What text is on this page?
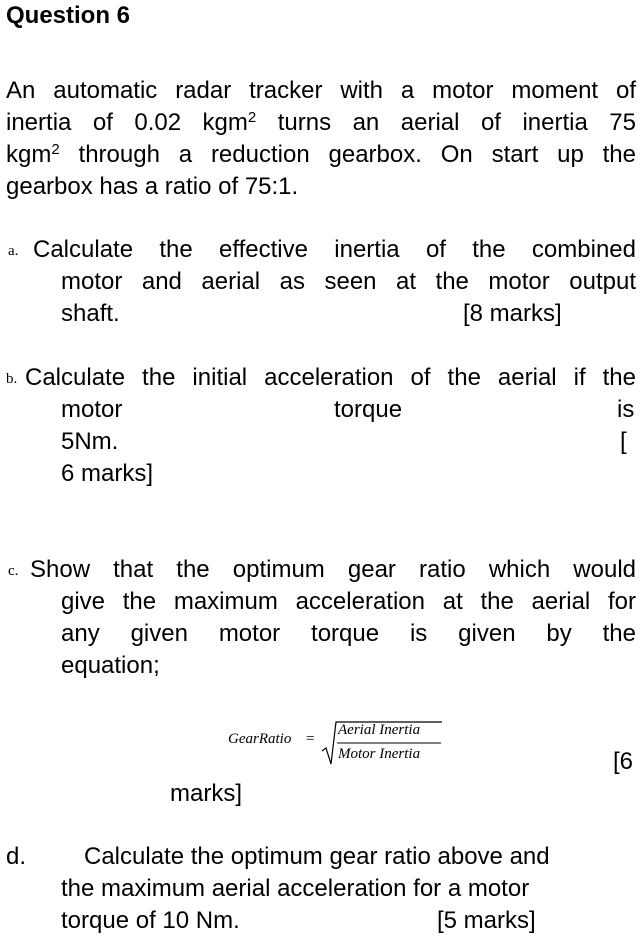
Question 6
An automatic radar tracker with a motor moment of
inertia of 0.02 kgm$^2$ turns an aerial of inertia 75
kgm$^2$ through a reduction gearbox. On start up the
gearbox has a ratio of 75:1.
a. Calculate the effective inertia of the combined
motor and aerial as seen at the motor output
shaft.	[8 marks]
b. Calculate the initial acceleration of the aerial if the
motor	torque	is
5Nm.	[
6 marks]
c. Show that the optimum gear ratio which would
give the maximum acceleration at the aerial for
any given motor torque is given by the
equation;
GearRatio =
Aerial Inertia
Motor Inertia	[6
marks]
d. Calculate the optimum gear ratio above and
the maximum aerial acceleration for a motor
torque of 10 Nm.	[5 marks]
